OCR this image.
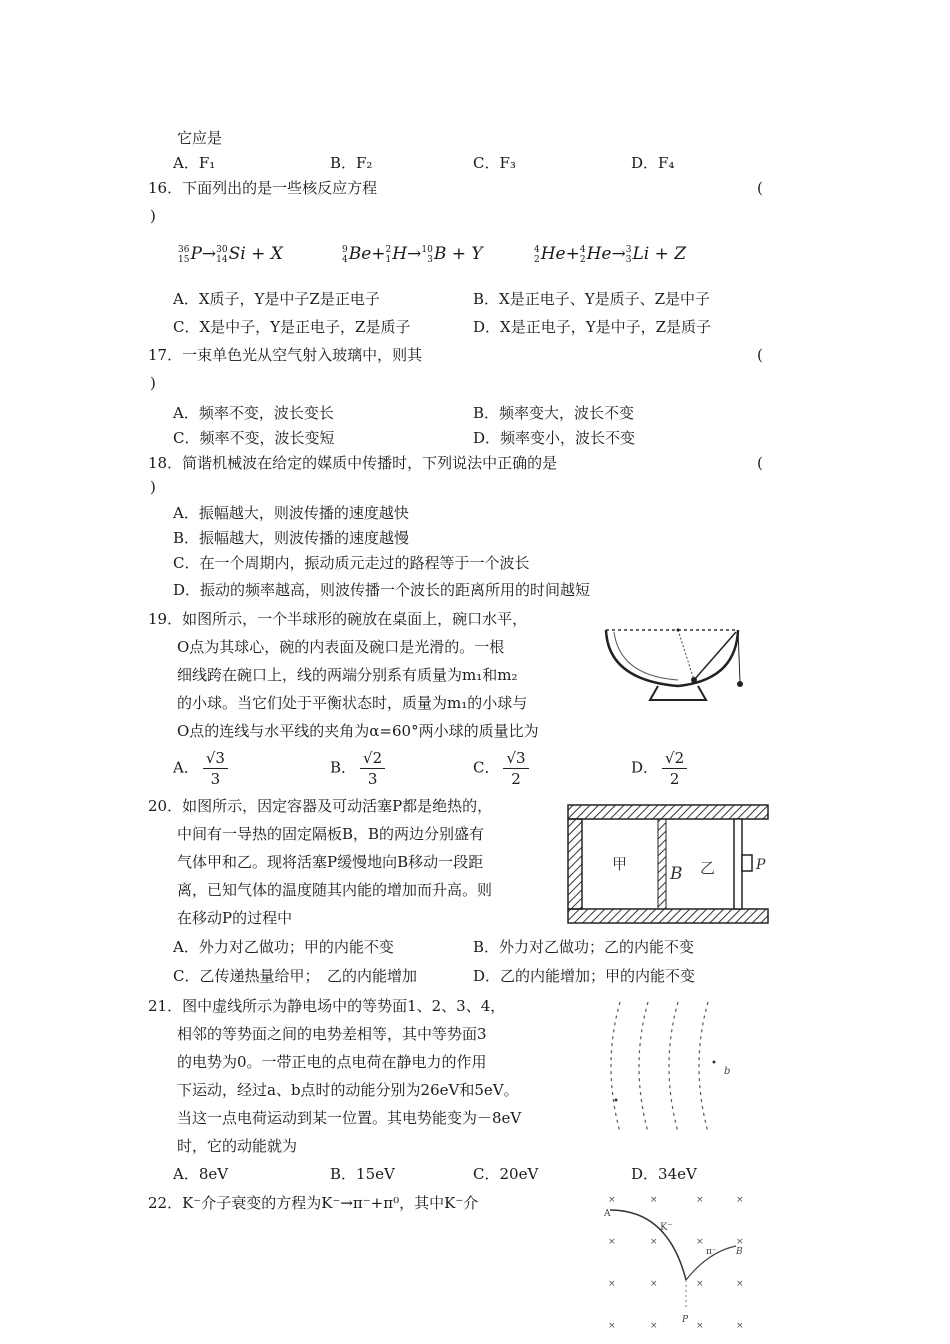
它应是
A．F₁	B．F₂	C．F₃	D．F₄
16．下面列出的是一些核反应方程	(
)
36
15P→30
14Si + X	9
4Be+2
1H→10
3B + Y	4
2He+4
2He→3
3Li + Z
A．X质子，Y是中子Z是正电子	B．X是正电子、Y是质子、Z是中子
C．X是中子，Y是正电子，Z是质子	D．X是正电子，Y是中子，Z是质子
17．一束单色光从空气射入玻璃中，则其	(
)
A．频率不变，波长变长	B．频率变大，波长不变
C．频率不变，波长变短	D．频率变小，波长不变
18．简谐机械波在给定的媒质中传播时，下列说法中正确的是	(
)
A．振幅越大，则波传播的速度越快
B．振幅越大，则波传播的速度越慢
C．在一个周期内，振动质元走过的路程等于一个波长
D．振动的频率越高，则波传播一个波长的距离所用的时间越短
19．如图所示，一个半球形的碗放在桌面上，碗口水平，
O点为其球心，碗的内表面及碗口是光滑的。一根
细线跨在碗口上，线的两端分别系有质量为m₁和m₂
的小球。当它们处于平衡状态时，质量为m₁的小球与
O点的连线与水平线的夹角为α=60°两小球的质量比为
A． $\frac{√3}{3}$	B． $\frac{√2}{3}$	C． $\frac{√3}{2}$	D． $\frac{√2}{2}$
20．如图所示，因定容器及可动活塞P都是绝热的，
中间有一导热的固定隔板B，B的两边分别盛有
气体甲和乙。现将活塞P缓慢地向B移动一段距
离，已知气体的温度随其内能的增加而升高。则
在移动P的过程中
A．外力对乙做功；甲的内能不变	B．外力对乙做功；乙的内能不变
C．乙传递热量给甲；　乙的内能增加	D．乙的内能增加；甲的内能不变
甲	B 乙	P
21．图中虚线所示为静电场中的等势面1、2、3、4，
相邻的等势面之间的电势差相等，其中等势面3
的电势为0。一带正电的点电荷在静电力的作用
下运动，经过a、b点时的动能分别为26eV和5eV。
当这一点电荷运动到某一位置。其电势能变为－8eV
时，它的动能就为
A．8eV	B．15eV	C．20eV	D．34eV
b
22．K⁻介子衰变的方程为K⁻→π⁻+π⁰，其中K⁻介	×	×	×	×
×	×	×	×
×	×	×	×
×	×	×	×
A
K⁻
π⁻ B
P
